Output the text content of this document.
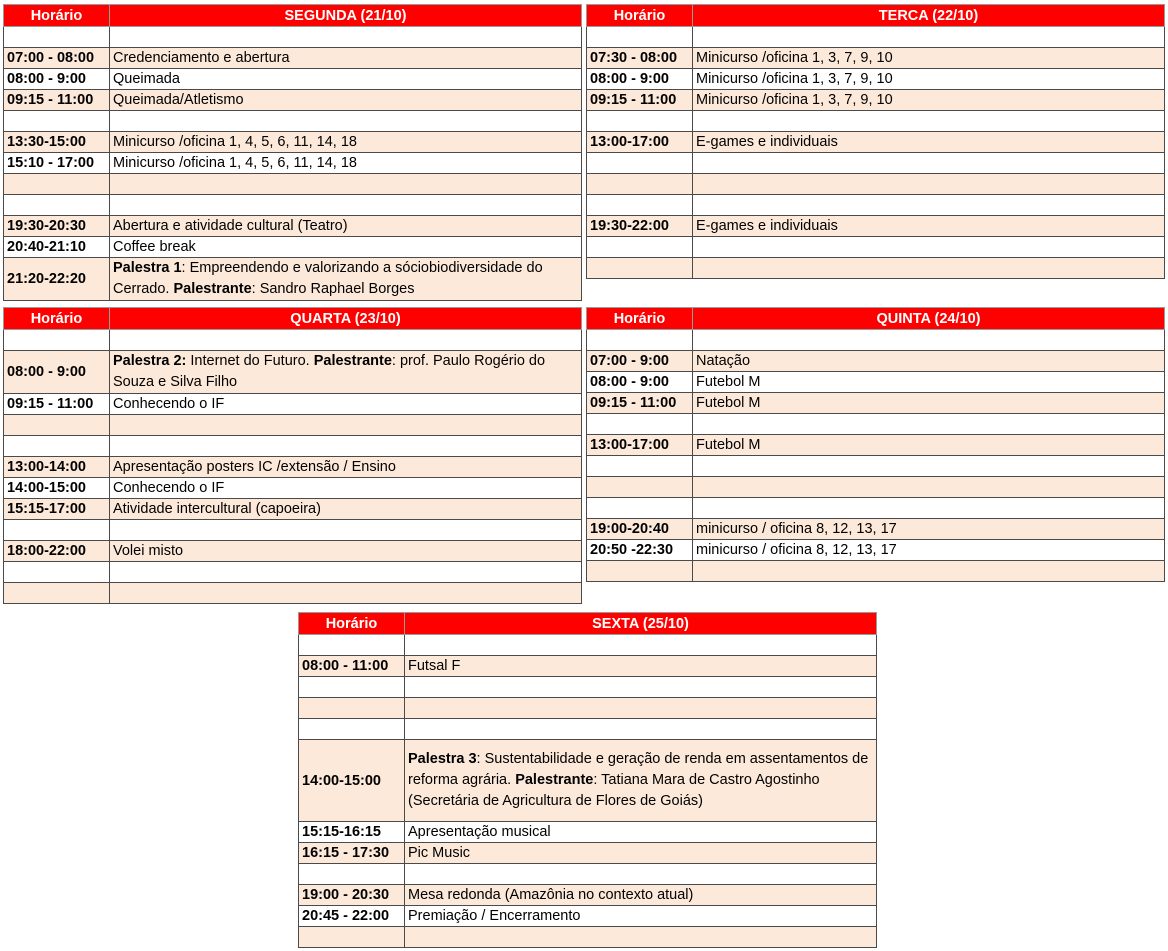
Horário	SEGUNDA (21/10)

07:00 - 08:00	Credenciamento e abertura
08:00 - 9:00	Queimada
09:15 - 11:00	Queimada/Atletismo

13:30-15:00	Minicurso /oficina 1, 4, 5, 6, 11, 14, 18
15:10 - 17:00	Minicurso /oficina 1, 4, 5, 6, 11, 14, 18

19:30-20:30	Abertura e atividade cultural (Teatro)
20:40-21:10	Coffee break
21:20-22:20	Palestra 1: Empreendendo e valorizando a sóciobiodiversidade do Cerrado. Palestrante: Sandro Raphael Borges
Horário	TERCA (22/10)

07:30 - 08:00	Minicurso /oficina 1, 3, 7, 9, 10
08:00 - 9:00	Minicurso /oficina 1, 3, 7, 9, 10
09:15 - 11:00	Minicurso /oficina 1, 3, 7, 9, 10

13:00-17:00	E-games e individuais

19:30-22:00	E-games e individuais

Horário	QUARTA (23/10)

08:00 - 9:00	Palestra 2: Internet do Futuro. Palestrante: prof. Paulo Rogério do Souza e Silva Filho
09:15 - 11:00	Conhecendo o IF

13:00-14:00	Apresentação posters IC /extensão / Ensino
14:00-15:00	Conhecendo o IF
15:15-17:00	Atividade intercultural (capoeira)

18:00-22:00	Volei misto

Horário	QUINTA (24/10)

07:00 - 9:00	Natação
08:00 - 9:00	Futebol M
09:15 - 11:00	Futebol M

13:00-17:00	Futebol M

19:00-20:40	minicurso / oficina 8, 12, 13, 17
20:50 -22:30	minicurso / oficina 8, 12, 13, 17

Horário	SEXTA (25/10)

08:00 - 11:00	Futsal F

14:00-15:00	Palestra 3: Sustentabilidade e geração de renda em assentamentos de reforma agrária. Palestrante: Tatiana Mara de Castro Agostinho (Secretária de Agricultura de Flores de Goiás)
15:15-16:15	Apresentação musical
16:15 - 17:30	Pic Music

19:00 - 20:30	Mesa redonda (Amazônia no contexto atual)
20:45 - 22:00	Premiação / Encerramento
